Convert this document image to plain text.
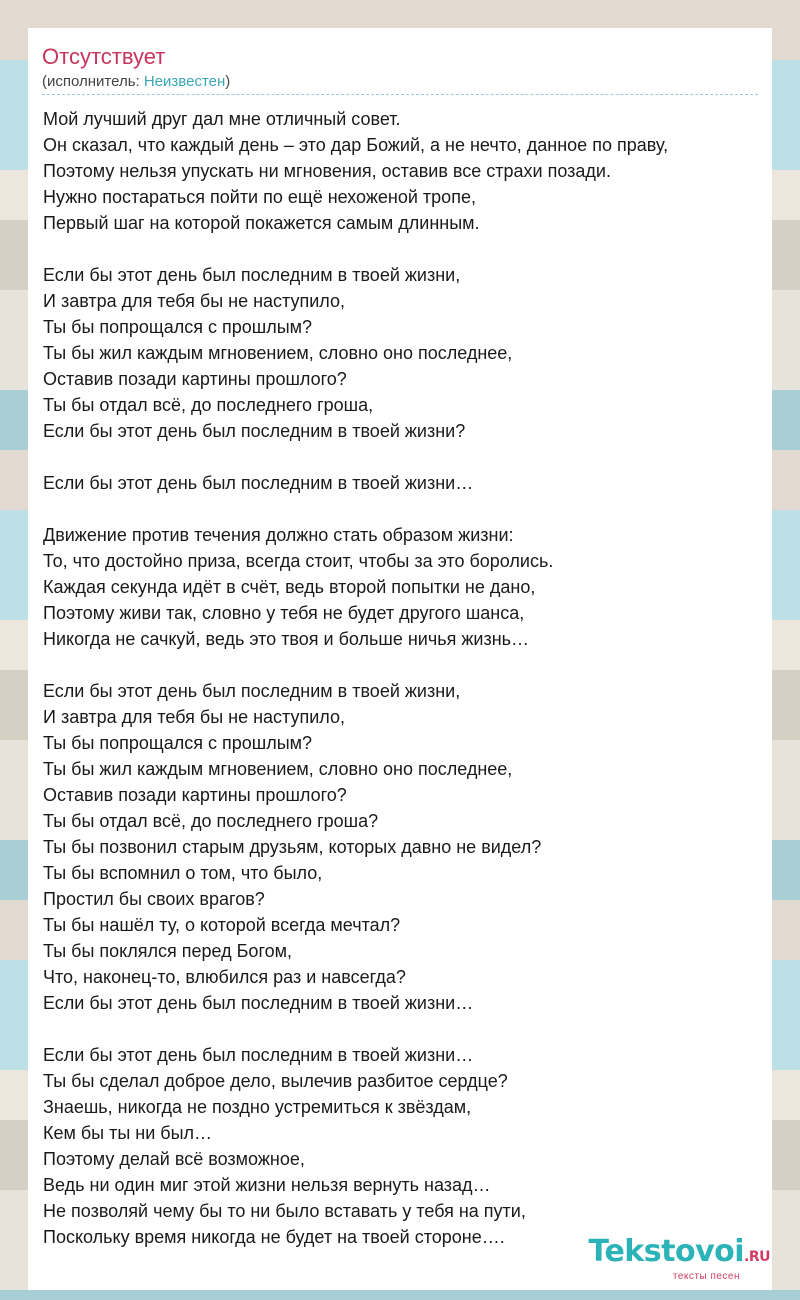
Отсутствует
(исполнитель: Неизвестен)
Мой лучший друг дал мне отличный совет.
Он сказал, что каждый день – это дар Божий, а не нечто, данное по праву,
Поэтому нельзя упускать ни мгновения, оставив все страхи позади.
Нужно постараться пойти по ещё нехоженой тропе,
Первый шаг на которой покажется самым длинным.
Если бы этот день был последним в твоей жизни,
И завтра для тебя бы не наступило,
Ты бы попрощался с прошлым?
Ты бы жил каждым мгновением, словно оно последнее,
Оставив позади картины прошлого?
Ты бы отдал всё, до последнего гроша,
Если бы этот день был последним в твоей жизни?
Если бы этот день был последним в твоей жизни…
Движение против течения должно стать образом жизни:
То, что достойно приза, всегда стоит, чтобы за это боролись.
Каждая секунда идёт в счёт, ведь второй попытки не дано,
Поэтому живи так, словно у тебя не будет другого шанса,
Никогда не сачкуй, ведь это твоя и больше ничья жизнь…
Если бы этот день был последним в твоей жизни,
И завтра для тебя бы не наступило,
Ты бы попрощался с прошлым?
Ты бы жил каждым мгновением, словно оно последнее,
Оставив позади картины прошлого?
Ты бы отдал всё, до последнего гроша?
Ты бы позвонил старым друзьям, которых давно не видел?
Ты бы вспомнил о том, что было,
Простил бы своих врагов?
Ты бы нашёл ту, о которой всегда мечтал?
Ты бы поклялся перед Богом,
Что, наконец-то, влюбился раз и навсегда?
Если бы этот день был последним в твоей жизни…
Если бы этот день был последним в твоей жизни…
Ты бы сделал доброе дело, вылечив разбитое сердце?
Знаешь, никогда не поздно устремиться к звёздам,
Кем бы ты ни был…
Поэтому делай всё возможное,
Ведь ни один миг этой жизни нельзя вернуть назад…
Не позволяй чему бы то ни было вставать у тебя на пути,
Поскольку время никогда не будет на твоей стороне….	Tekstovoi.RU
тексты песен
